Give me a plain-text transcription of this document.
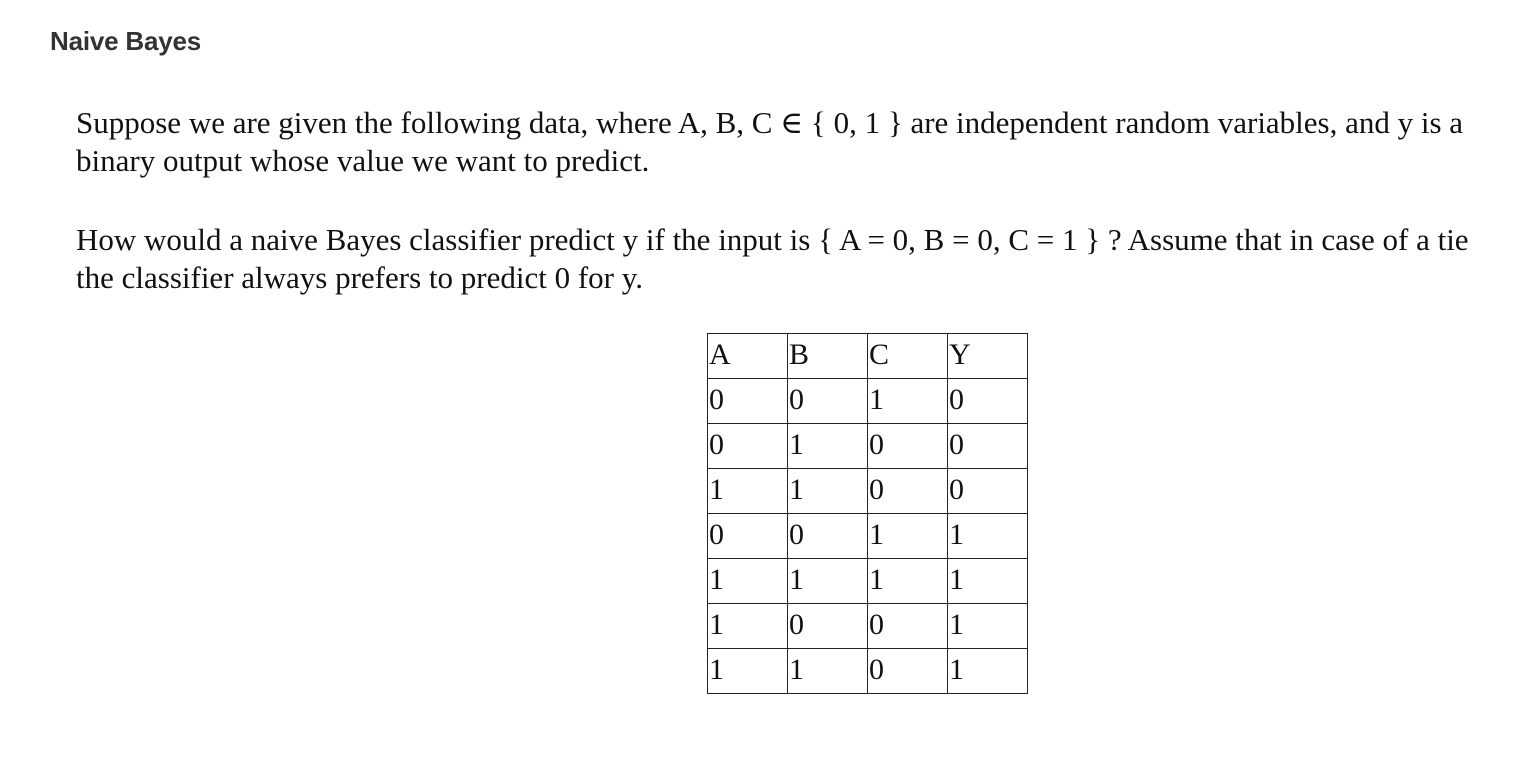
Naive Bayes

Suppose we are given the following data, where A, B, C ∈ { 0, 1 } are independent random variables, and y is a binary output whose value we want to predict.

How would a naive Bayes classifier predict y if the input is { A = 0, B = 0, C = 1 } ? Assume that in case of a tie the classifier always prefers to predict 0 for y.

A	B	C	Y
0	0	1	0
0	1	0	0
1	1	0	0
0	0	1	1
1	1	1	1
1	0	0	1
1	1	0	1
